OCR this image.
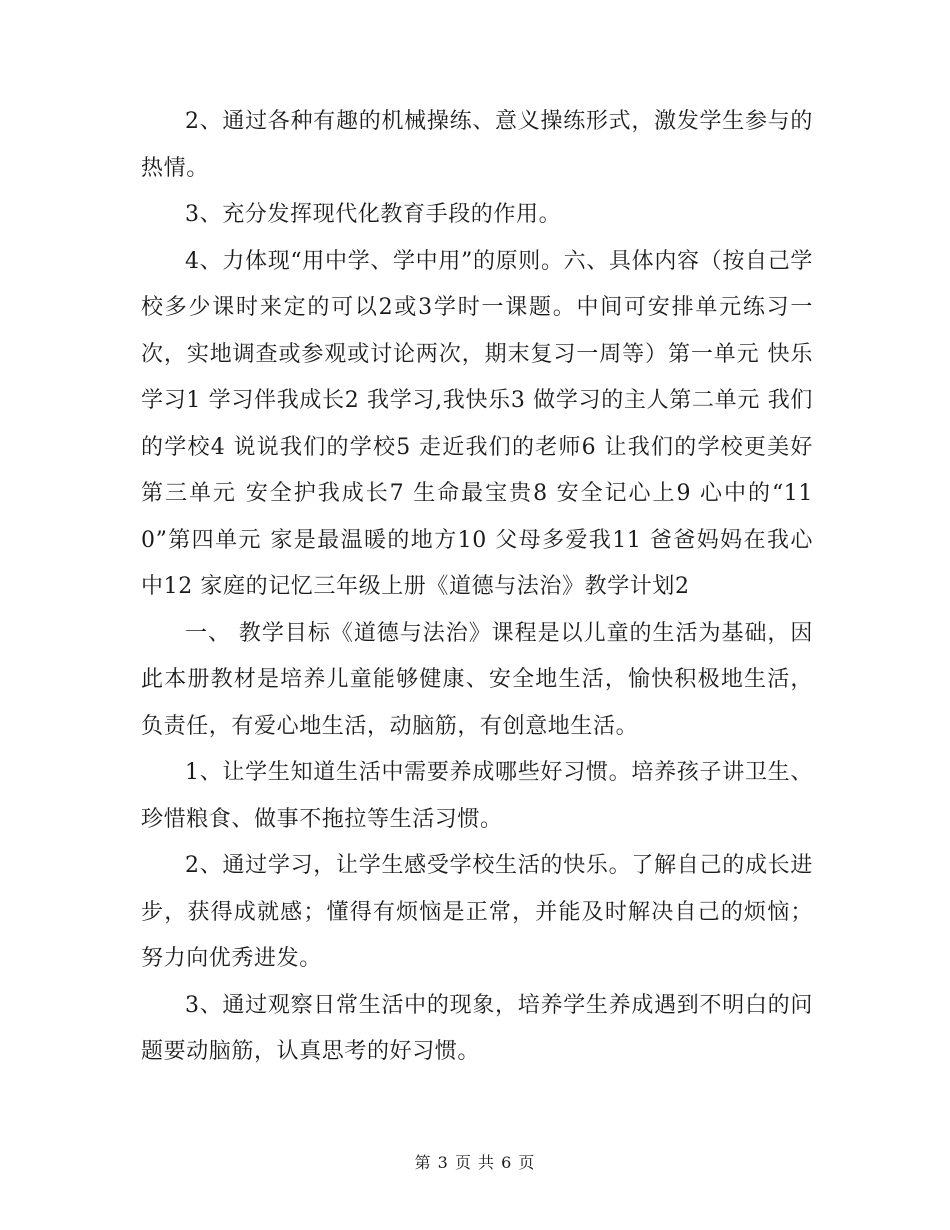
2、通过各种有趣的机械操练、意义操练形式，激发学生参与的热情。

3、充分发挥现代化教育手段的作用。

4、力体现“用中学、学中用”的原则。六、具体内容（按自己学校多少课时来定的可以2或3学时一课题。中间可安排单元练习一次，实地调查或参观或讨论两次，期末复习一周等）第一单元 快乐学习1 学习伴我成长2 我学习,我快乐3 做学习的主人第二单元 我们的学校4 说说我们的学校5 走近我们的老师6 让我们的学校更美好第三单元 安全护我成长7 生命最宝贵8 安全记心上9 心中的“110”第四单元 家是最温暖的地方10 父母多爱我11 爸爸妈妈在我心中12 家庭的记忆三年级上册《道德与法治》教学计划2

一、 教学目标《道德与法治》课程是以儿童的生活为基础，因此本册教材是培养儿童能够健康、安全地生活，愉快积极地生活，负责任，有爱心地生活，动脑筋，有创意地生活。

1、让学生知道生活中需要养成哪些好习惯。培养孩子讲卫生、珍惜粮食、做事不拖拉等生活习惯。

2、通过学习，让学生感受学校生活的快乐。了解自己的成长进步，获得成就感；懂得有烦恼是正常，并能及时解决自己的烦恼；努力向优秀进发。

3、通过观察日常生活中的现象，培养学生养成遇到不明白的问题要动脑筋，认真思考的好习惯。

第 3 页 共 6 页
